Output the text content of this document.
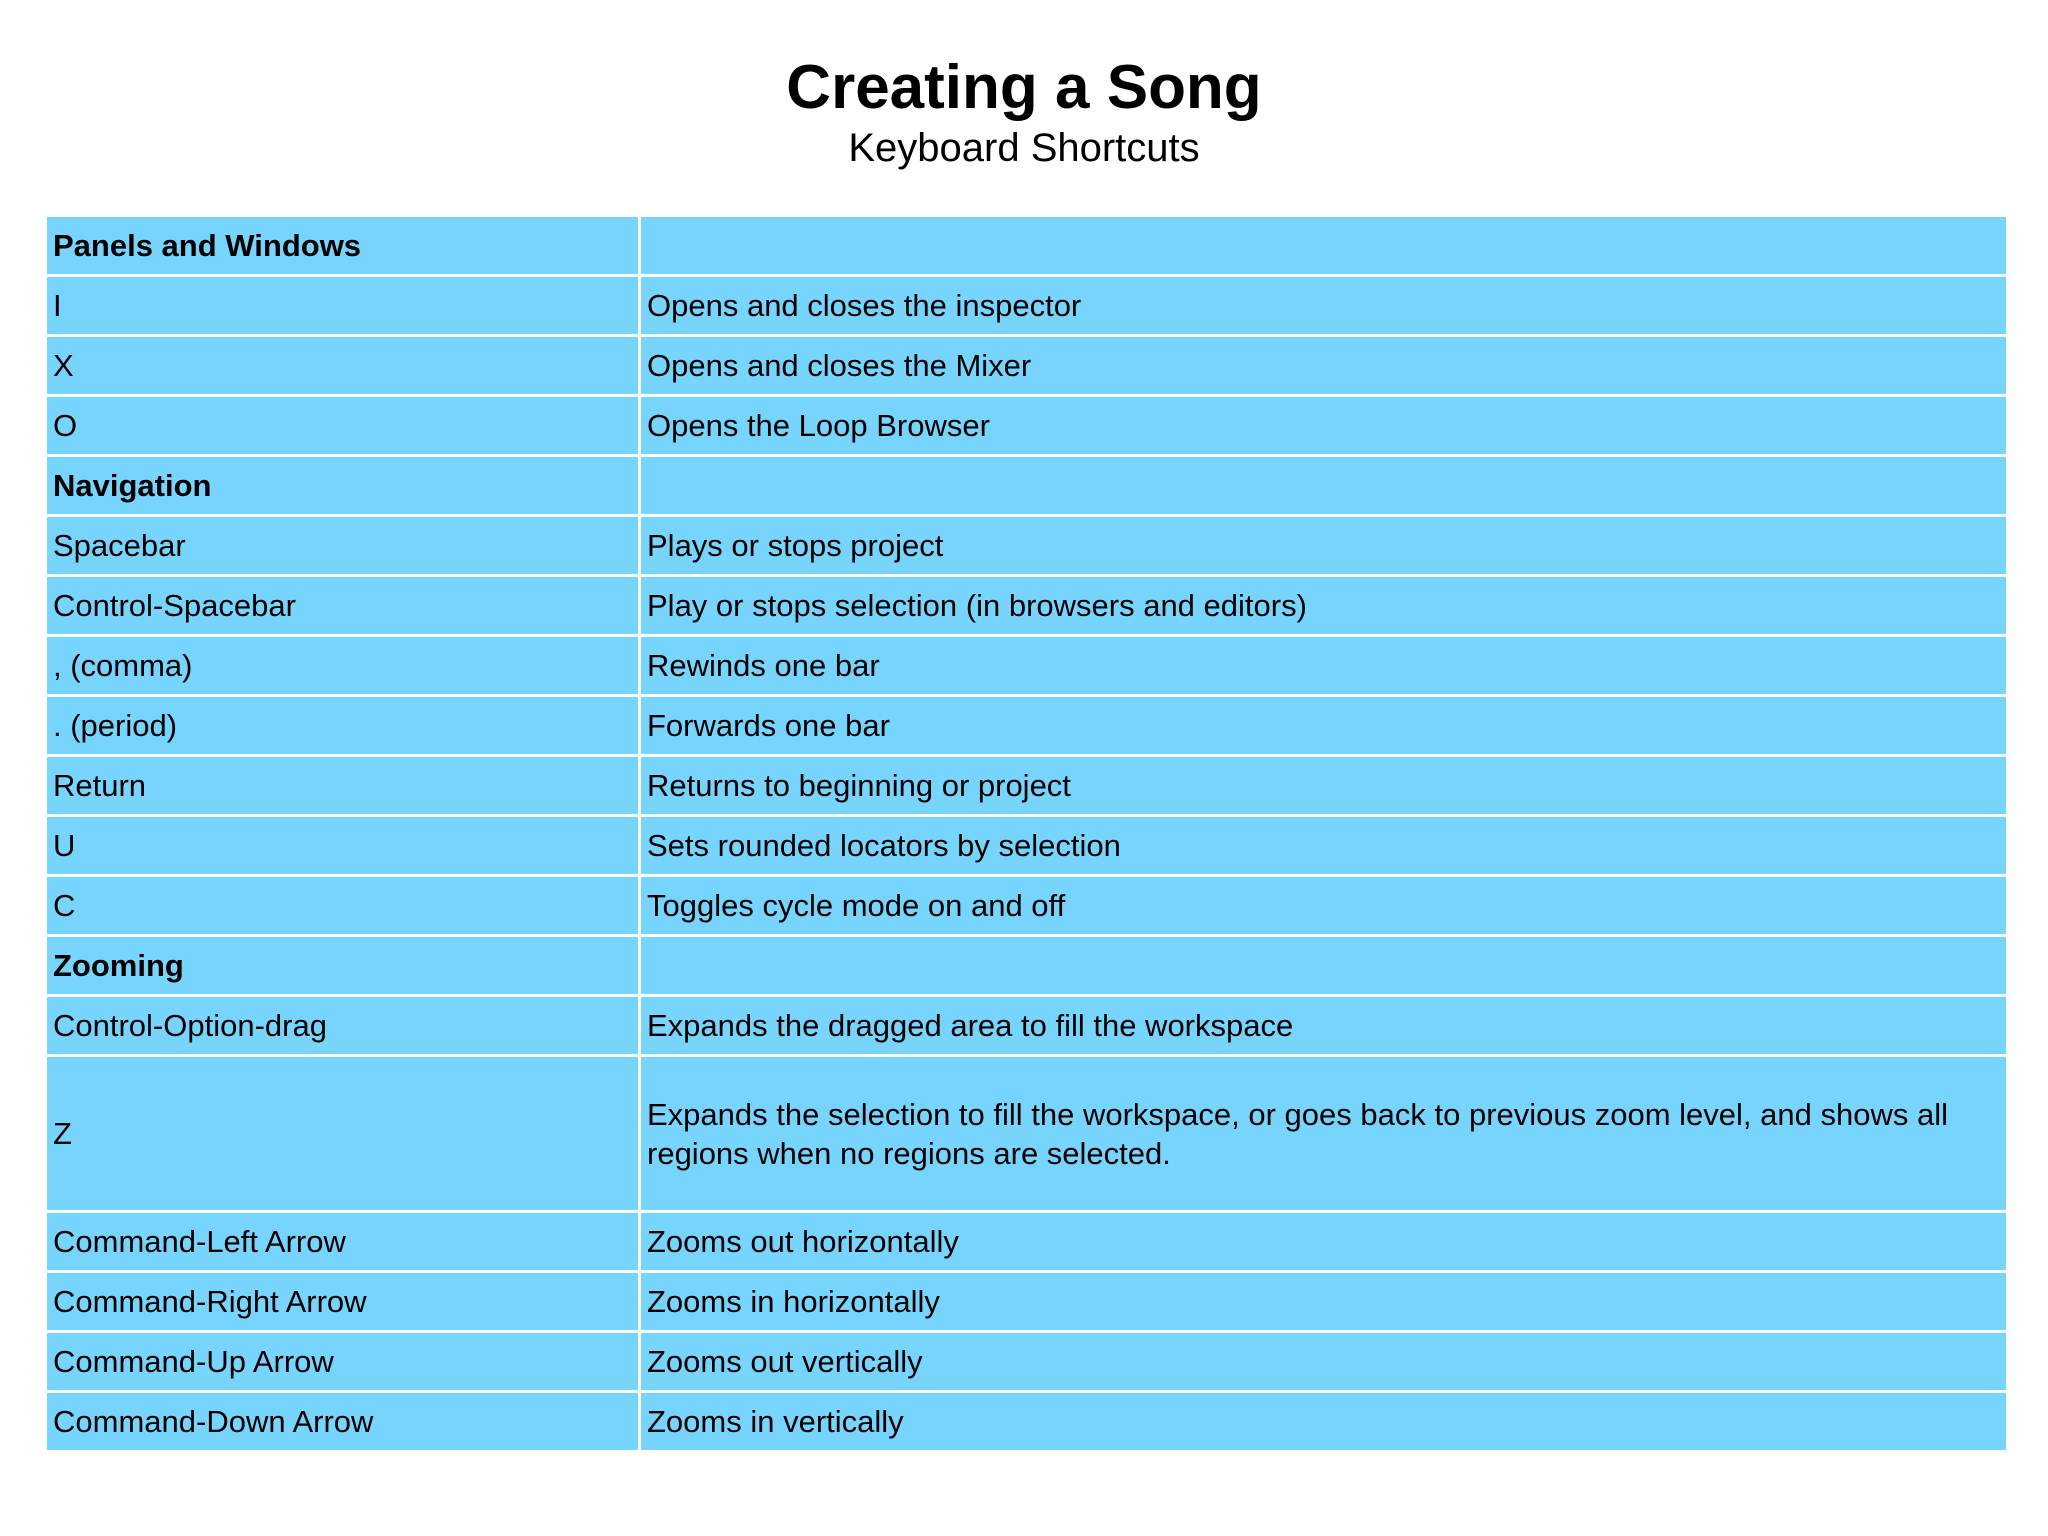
Creating a Song
Keyboard Shortcuts
Panels and Windows	
I	Opens and closes the inspector
X	Opens and closes the Mixer
O	Opens the Loop Browser
Navigation	
Spacebar	Plays or stops project
Control-Spacebar	Play or stops selection (in browsers and editors)
, (comma)	Rewinds one bar
. (period)	Forwards one bar
Return	Returns to beginning or project
U	Sets rounded locators by selection
C	Toggles cycle mode on and off
Zooming	
Control-Option-drag	Expands the dragged area to fill the workspace
Z	Expands the selection to fill the workspace, or goes back to previous zoom level, and shows all regions when no regions are selected.
Command-Left Arrow	Zooms out horizontally
Command-Right Arrow	Zooms in horizontally
Command-Up Arrow	Zooms out vertically
Command-Down Arrow	Zooms in vertically
